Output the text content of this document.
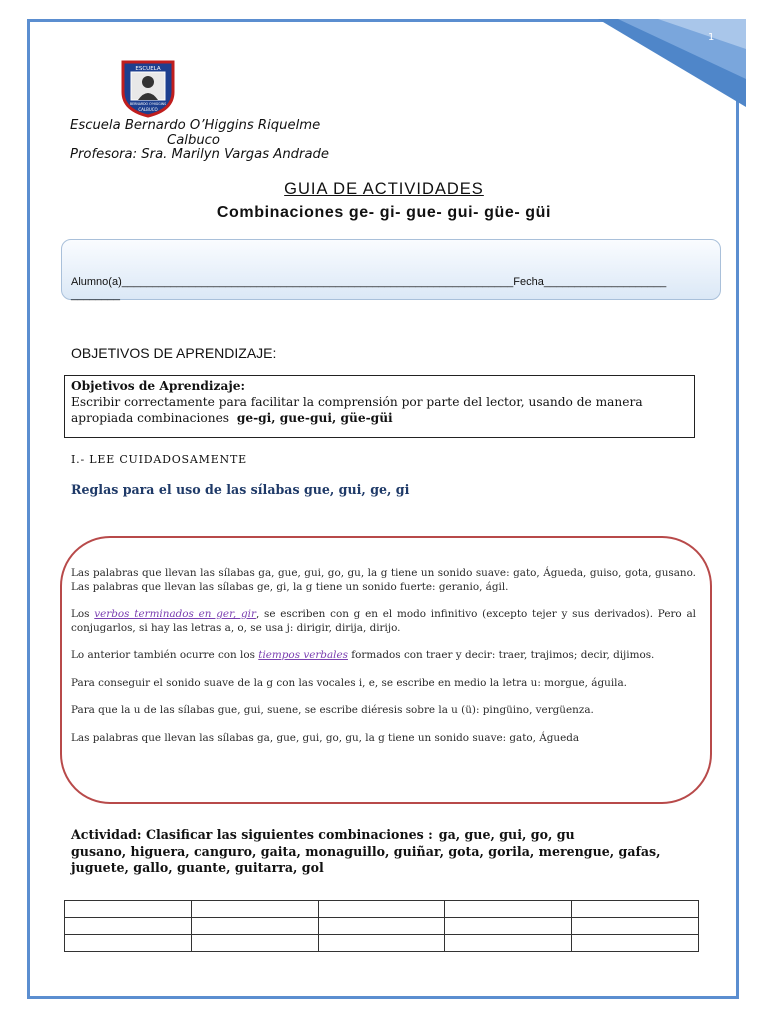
1
ESCUELA
BERNARDO O'HIGGINS
CALBUCO
Escuela Bernardo O’Higgins Riquelme
Calbuco
Profesora: Sra. Marilyn Vargas Andrade
GUIA DE ACTIVIDADES
Combinaciones ge- gi- gue- gui- güe- güi
Alumno(a)________________________________________________________________Fecha____________________ ________
OBJETIVOS DE APRENDIZAJE:
Objetivos de Aprendizaje:
Escribir correctamente para facilitar la comprensión por parte del lector, usando de manera apropiada combinaciones ge-gi, gue-gui, güe-güi
I.- LEE CUIDADOSAMENTE
Reglas para el uso de las sílabas gue, gui, ge, gi

Las palabras que llevan las sílabas ga, gue, gui, go, gu, la g tiene un sonido suave: gato, Águeda, guiso, gota, gusano. Las palabras que llevan las sílabas ge, gi, la g tiene un sonido fuerte: geranio, ágil.

Los verbos terminados en ger, gir, se escriben con g en el modo infinitivo (excepto tejer y sus derivados). Pero al conjugarlos, si hay las letras a, o, se usa j: dirigir, dirija, dirijo.

Lo anterior también ocurre con los tiempos verbales formados con traer y decir: traer, trajimos; decir, dijimos.

Para conseguir el sonido suave de la g con las vocales i, e, se escribe en medio la letra u: morgue, águila.

Para que la u de las sílabas gue, gui, suene, se escribe diéresis sobre la u (ü): pingüino, vergüenza.

Las palabras que llevan las sílabas ga, gue, gui, go, gu, la g tiene un sonido suave: gato, Águeda

Actividad: Clasificar las siguientes combinaciones : ga, gue, gui, go, gu
gusano, higuera, canguro, gaita, monaguillo, guiñar, gota, gorila, merengue, gafas, juguete, gallo, guante, guitarra, gol
